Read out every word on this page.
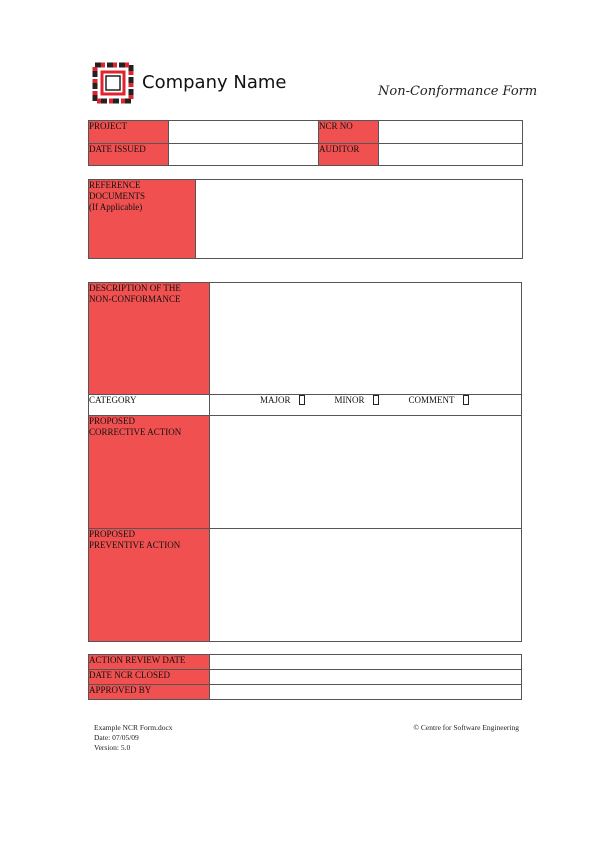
Company Name	Non-Conformance Form
PROJECT		NCR NO	
DATE ISSUED		AUDITOR	
REFERENCE
DOCUMENTS
(If Applicable)

DESCRIPTION OF THE
NON-CONFORMANCE	

CATEGORY	MAJOR MINOR COMMENT

PROPOSED
CORRECTIVE ACTION	

PROPOSED
PREVENTIVE ACTION	

ACTION REVIEW DATE	
DATE NCR CLOSED	
APPROVED BY	
Example NCR Form.docx
Date: 07/05/09
Version: 5.0
© Centre for Software Engineering
